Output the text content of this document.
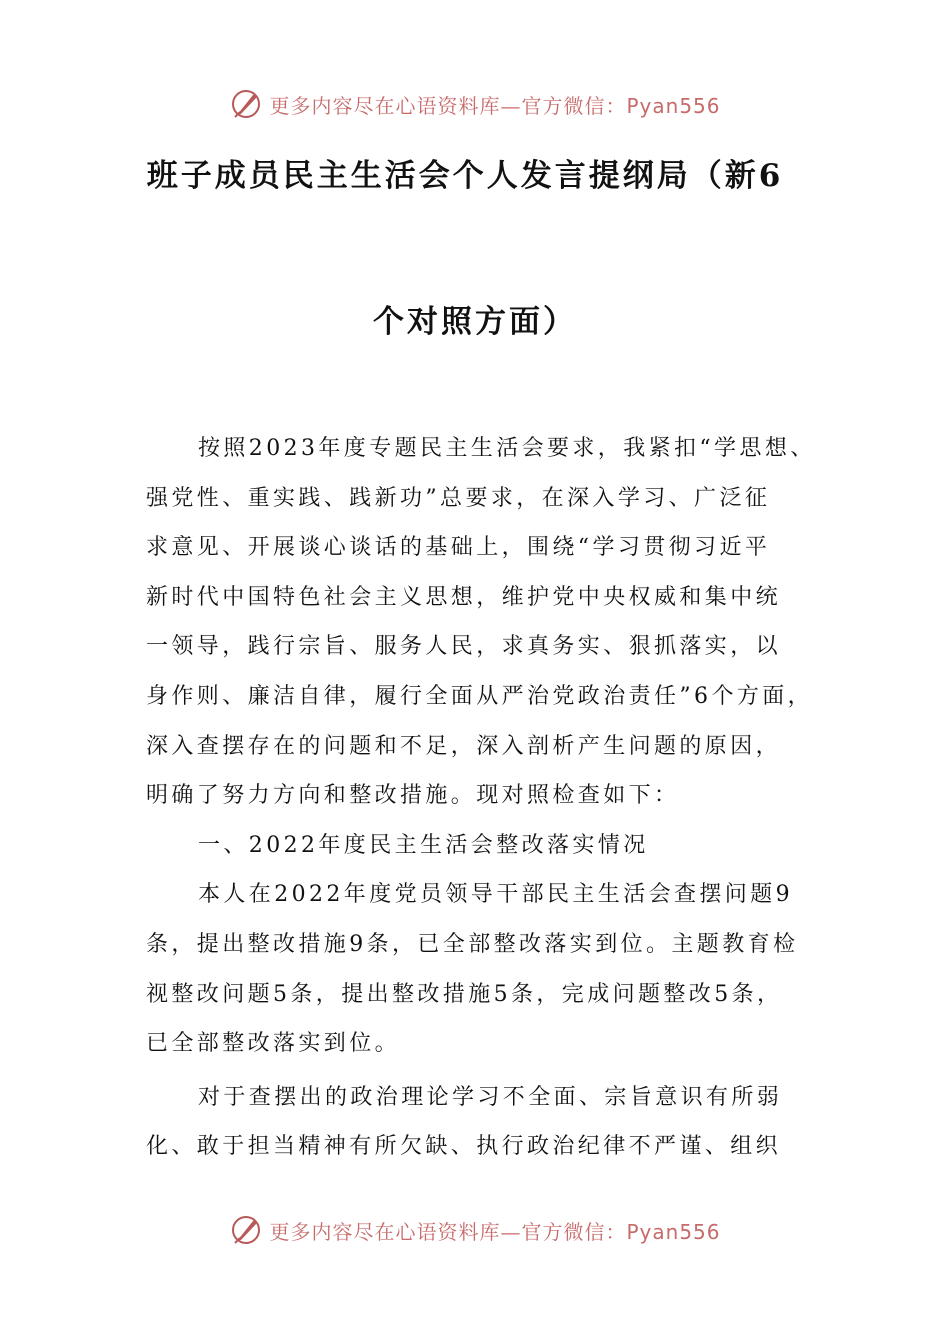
更多内容尽在心语资料库—官方微信：Pyan556
班子成员民主生活会个人发言提纲局（新6
个对照方面）
按照2023年度专题民主生活会要求，我紧扣“学思想、
强党性、重实践、践新功”总要求，在深入学习、广泛征
求意见、开展谈心谈话的基础上，围绕“学习贯彻习近平
新时代中国特色社会主义思想，维护党中央权威和集中统
一领导，践行宗旨、服务人民，求真务实、狠抓落实，以
身作则、廉洁自律，履行全面从严治党政治责任”6个方面，
深入查摆存在的问题和不足，深入剖析产生问题的原因，
明确了努力方向和整改措施。现对照检查如下：
一、2022年度民主生活会整改落实情况
本人在2022年度党员领导干部民主生活会查摆问题9
条，提出整改措施9条，已全部整改落实到位。主题教育检
视整改问题5条，提出整改措施5条，完成问题整改5条，
已全部整改落实到位。
对于查摆出的政治理论学习不全面、宗旨意识有所弱
化、敢于担当精神有所欠缺、执行政治纪律不严谨、组织
更多内容尽在心语资料库—官方微信：Pyan556
